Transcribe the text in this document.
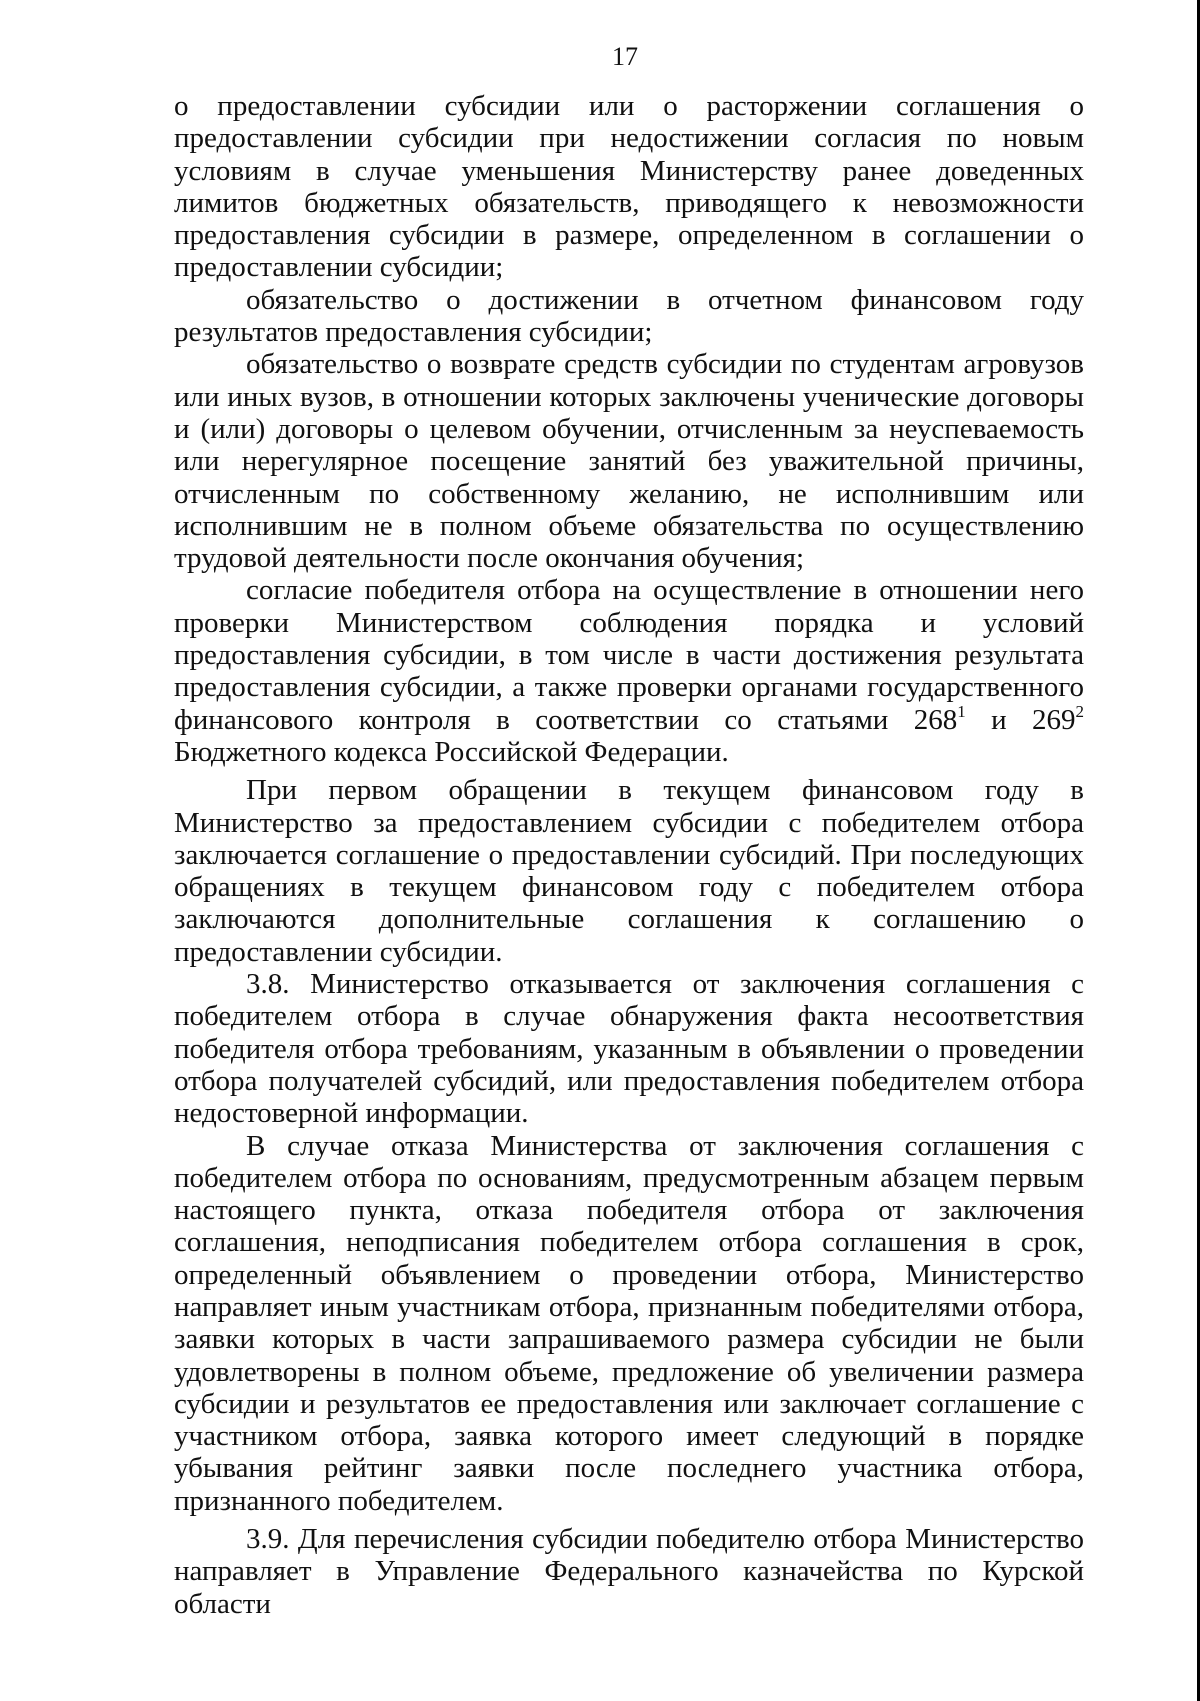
17

о предоставлении субсидии или о расторжении соглашения о предоставлении субсидии при недостижении согласия по новым условиям в случае уменьшения Министерству ранее доведенных лимитов бюджетных обязательств, приводящего к невозможности предоставления субсидии в размере, определенном в соглашении о предоставлении субсидии;

обязательство о достижении в отчетном финансовом году результатов предоставления субсидии;

обязательство о возврате средств субсидии по студентам агровузов или иных вузов, в отношении которых заключены ученические договоры и (или) договоры о целевом обучении, отчисленным за неуспеваемость или нерегулярное посещение занятий без уважительной причины, отчисленным по собственному желанию, не исполнившим или исполнившим не в полном объеме обязательства по осуществлению трудовой деятельности после окончания обучения;

согласие победителя отбора на осуществление в отношении него проверки Министерством соблюдения порядка и условий предоставления субсидии, в том числе в части достижения результата предоставления субсидии, а также проверки органами государственного финансового контроля в соответствии со статьями $268^1$ и $269^2$ Бюджетного кодекса Российской Федерации.

При первом обращении в текущем финансовом году в Министерство за предоставлением субсидии с победителем отбора заключается соглашение о предоставлении субсидий. При последующих обращениях в текущем финансовом году с победителем отбора заключаются дополнительные соглашения к соглашению о предоставлении субсидии.

3.8. Министерство отказывается от заключения соглашения с победителем отбора в случае обнаружения факта несоответствия победителя отбора требованиям, указанным в объявлении о проведении отбора получателей субсидий, или предоставления победителем отбора недостоверной информации.

В случае отказа Министерства от заключения соглашения с победителем отбора по основаниям, предусмотренным абзацем первым настоящего пункта, отказа победителя отбора от заключения соглашения, неподписания победителем отбора соглашения в срок, определенный объявлением о проведении отбора, Министерство направляет иным участникам отбора, признанным победителями отбора, заявки которых в части запрашиваемого размера субсидии не были удовлетворены в полном объеме, предложение об увеличении размера субсидии и результатов ее предоставления или заключает соглашение с участником отбора, заявка которого имеет следующий в порядке убывания рейтинг заявки после последнего участника отбора, признанного победителем.

3.9. Для перечисления субсидии победителю отбора Министерство направляет в Управление Федерального казначейства по Курской области
